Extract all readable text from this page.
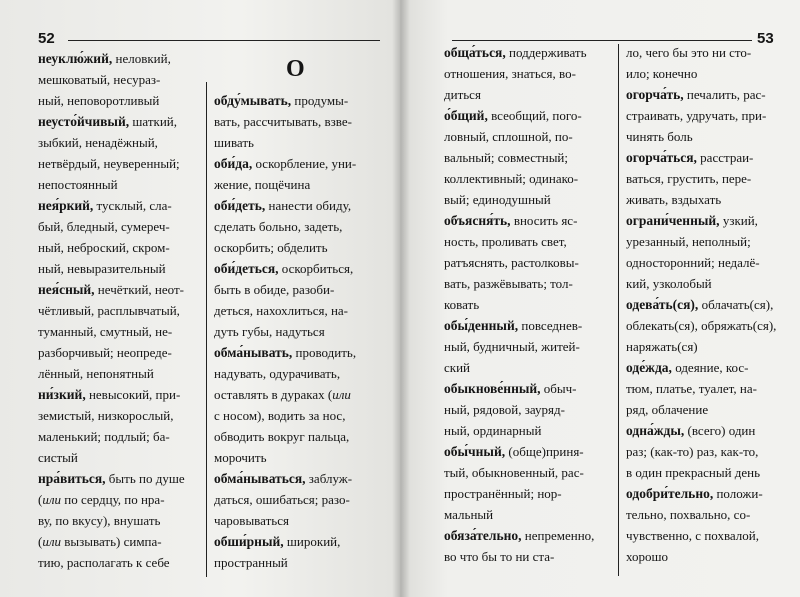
52
О
неуклю́жий, неловкий,
мешковатый, несураз-
ный, неповоротливый
неусто́йчивый, шаткий,
зыбкий, ненадёжный,
нетвёрдый, неуверенный;
непостоянный
нея́ркий, тусклый, сла-
бый, бледный, сумереч-
ный, неброский, скром-
ный, невыразительный
нея́сный, нечёткий, неот-
чётливый, расплывчатый,
туманный, смутный, не-
разборчивый; неопреде-
лённый, непонятный
ни́зкий, невысокий, при-
земистый, низкорослый,
маленький; подлый; ба-
систый
нра́виться, быть по душе
(или по сердцу, по нра-
ву, по вкусу), внушать
(или вызывать) симпа-
тию, располагать к себе
обду́мывать, продумы-
вать, рассчитывать, взве-
шивать
оби́да, оскорбление, уни-
жение, пощёчина
оби́деть, нанести обиду,
сделать больно, задеть,
оскорбить; обделить
оби́деться, оскорбиться,
быть в обиде, разоби-
деться, нахохлиться, на-
дуть губы, надуться
обма́нывать, проводить,
надувать, одурачивать,
оставлять в дураках (или
с носом), водить за нос,
обводить вокруг пальца,
морочить
обма́нываться, заблуж-
даться, ошибаться; разо-
чаровываться
обши́рный, широкий,
пространный
53
обща́ться, поддерживать
отношения, знаться, во-
диться
о́бщий, всеобщий, пого-
ловный, сплошной, по-
вальный; совместный;
коллективный; одинако-
вый; единодушный
объясня́ть, вносить яс-
ность, проливать свет,
ратъяснять, растолковы-
вать, разжёвывать; тол-
ковать
обы́денный, повседнев-
ный, будничный, житей-
ский
обыкнове́нный, обыч-
ный, рядовой, зауряд-
ный, ординарный
обы́чный, (обще)приня-
тый, обыкновенный, рас-
пространённый; нор-
мальный
обяза́тельно, непременно,
во что бы то ни ста-
ло, чего бы это ни сто-
ило; конечно
огорча́ть, печалить, рас-
страивать, удручать, при-
чинять боль
огорча́ться, расстраи-
ваться, грустить, пере-
живать, вздыхать
ограни́ченный, узкий,
урезанный, неполный;
односторонний; недалё-
кий, узколобый
одева́ть(ся), облачать(ся),
облекать(ся), обряжать(ся),
наряжать(ся)
оде́жда, одеяние, кос-
тюм, платье, туалет, на-
ряд, облачение
одна́жды, (всего) один
раз; (как-то) раз, как-то,
в один прекрасный день
одобри́тельно, положи-
тельно, похвально, со-
чувственно, с похвалой,
хорошо
